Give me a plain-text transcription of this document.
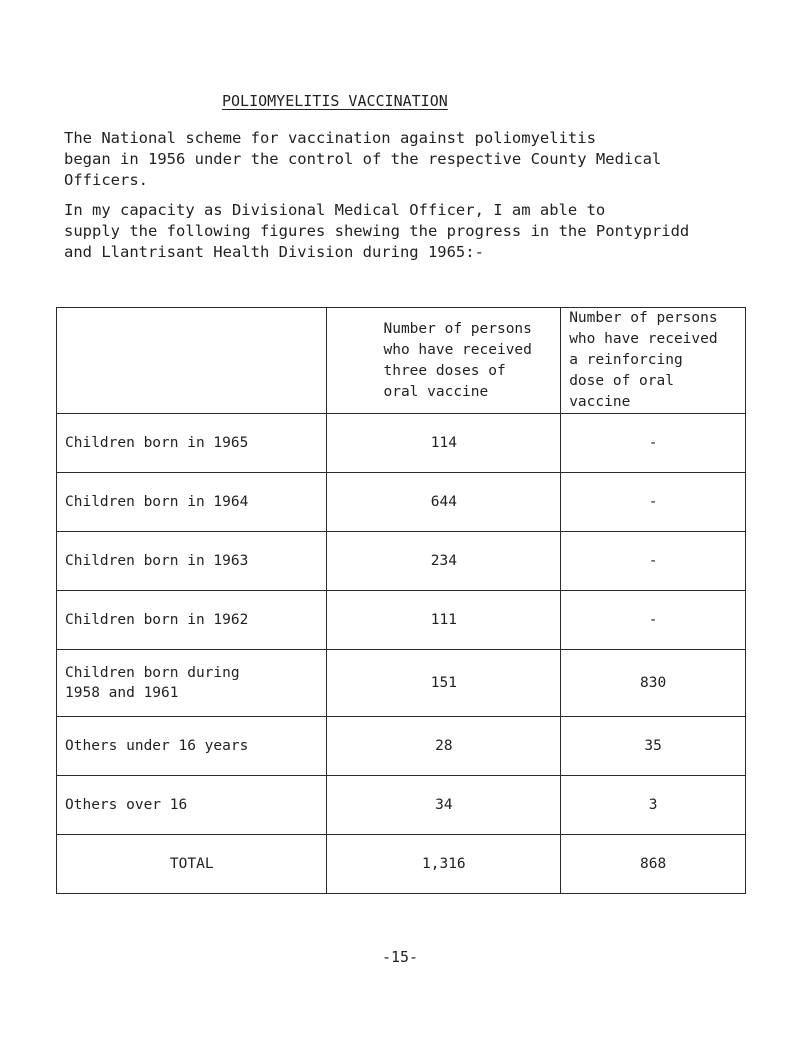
POLIOMYELITIS VACCINATION
The National scheme for vaccination against poliomyelitis
began in 1956 under the control of the respective County Medical
Officers.
In my capacity as Divisional Medical Officer, I am able to
supply the following figures shewing the progress in the Pontypridd
and Llantrisant Health Division during 1965:-

	Number of persons
who have received
three doses of
oral vaccine	Number of persons
who have received
a reinforcing
dose of oral
vaccine

Children born in 1965	114	-
Children born in 1964	644	-
Children born in 1963	234	-
Children born in 1962	111	-
Children born during
1958 and 1961	151	830
Others under 16 years	28	35
Others over 16	34	3
TOTAL	1,316	868
-15-
